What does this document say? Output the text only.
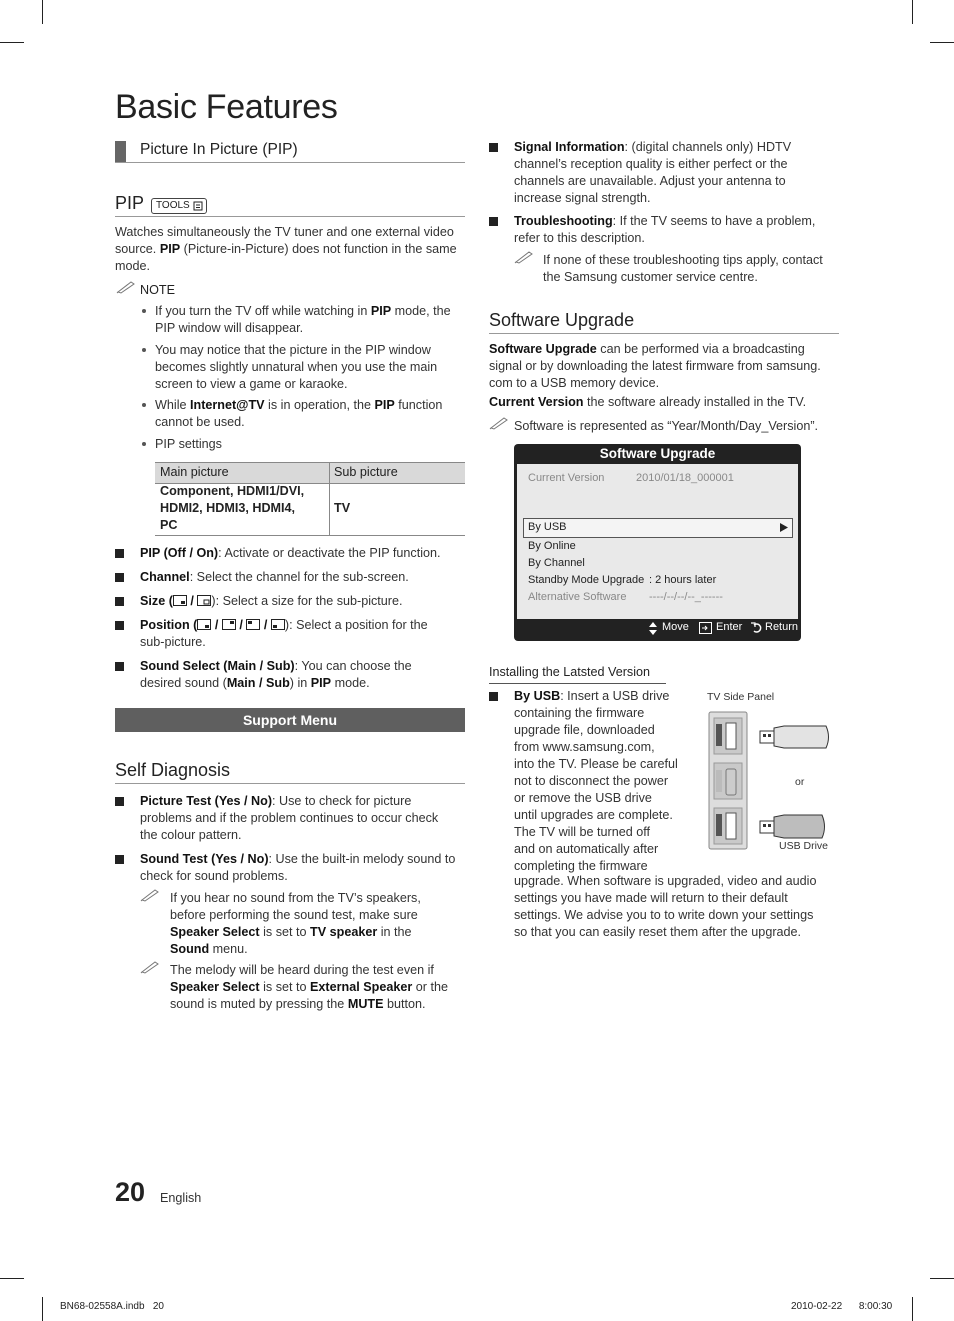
Basic Features
Picture In Picture (PIP)
PIP TOOLS
Watches simultaneously the TV tuner and one external video
source. PIP (Picture-in-Picture) does not function in the same
mode.
NOTE
If you turn the TV off while watching in PIP mode, the
PIP window will disappear.
You may notice that the picture in the PIP window
becomes slightly unnatural when you use the main
screen to view a game or karaoke.
While Internet@TV is in operation, the PIP function
cannot be used.
PIP settings
Main picture	Sub picture
Component, HDMI1/DVI,
HDMI2, HDMI3, HDMI4,
PC
TV
PIP (Off / On): Activate or deactivate the PIP function.
Channel: Select the channel for the sub-screen.
Size ( / ): Select a size for the sub-picture.
Position ( /  /  / ): Select a position for the
sub-picture.
Sound Select (Main / Sub): You can choose the
desired sound (Main / Sub) in PIP mode.
Support Menu
Self Diagnosis
Picture Test (Yes / No): Use to check for picture
problems and if the problem continues to occur check
the colour pattern.
Sound Test (Yes / No): Use the built-in melody sound to
check for sound problems.
If you hear no sound from the TV’s speakers,
before performing the sound test, make sure
Speaker Select is set to TV speaker in the
Sound menu.
The melody will be heard during the test even if
Speaker Select is set to External Speaker or the
sound is muted by pressing the MUTE button.
Signal Information: (digital channels only) HDTV
channel’s reception quality is either perfect or the
channels are unavailable. Adjust your antenna to
increase signal strength.
Troubleshooting: If the TV seems to have a problem,
refer to this description.
If none of these troubleshooting tips apply, contact
the Samsung customer service centre.
Software Upgrade
Software Upgrade can be performed via a broadcasting
signal or by downloading the latest firmware from samsung.
com to a USB memory device.
Current Version the software already installed in the TV.
Software is represented as “Year/Month/Day_Version”.
Software Upgrade
Current Version	2010/01/18_000001
By USB
By Online
By Channel
Standby Mode Upgrade : 2 hours later
Alternative Software ----/--/--/--_------
Move Enter Return
Installing the Latsted Version
By USB: Insert a USB drive
containing the firmware
upgrade file, downloaded
from www.samsung.com,
into the TV. Please be careful
not to disconnect the power
or remove the USB drive
until upgrades are complete.
The TV will be turned off
and on automatically after
completing the firmware
upgrade. When software is upgraded, video and audio
settings you have made will return to their default
settings. We advise you to to write down your settings
so that you can easily reset them after the upgrade.
TV Side Panel
or
USB Drive
20 English
BN68-02558A.indb   20	2010-02-22      8:00:30
